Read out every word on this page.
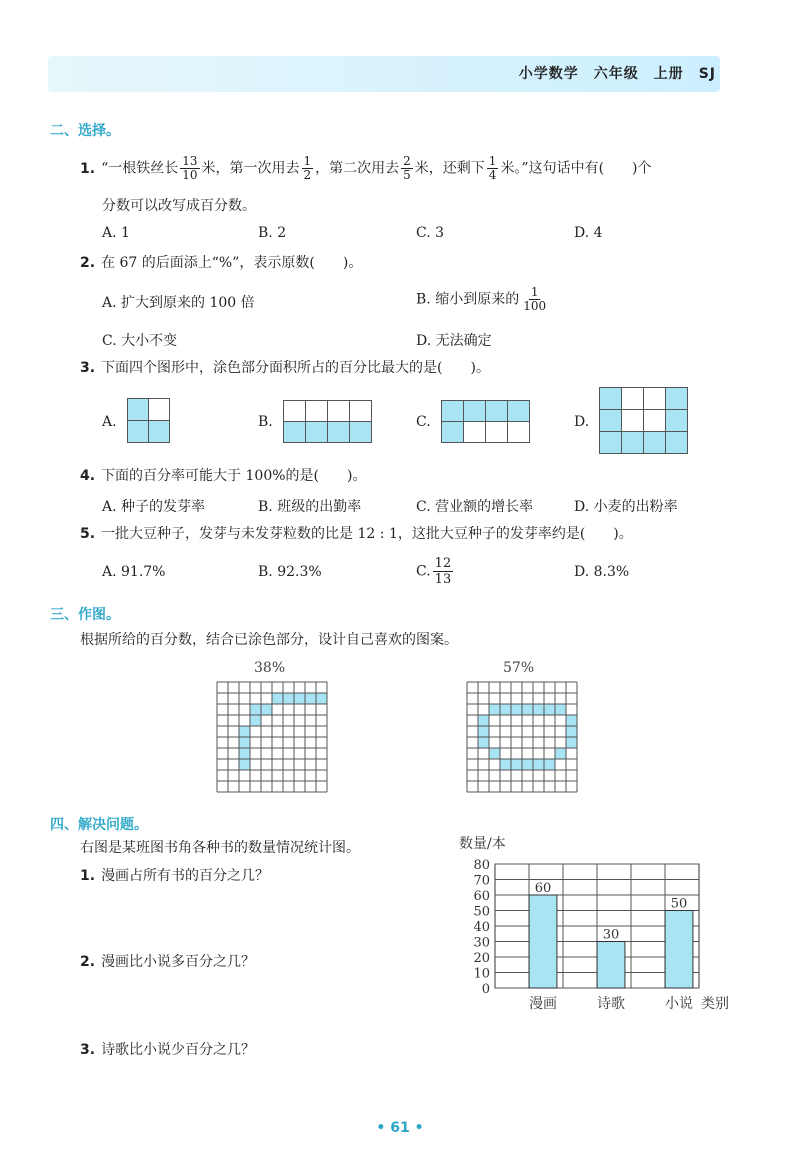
小学数学　六年级　上册　SJ
二、选择。
1. “一根铁丝长 $\frac{13}{10}$ 米，第一次用去 $\frac{1}{2}$ ，第二次用去 $\frac{2}{5}$ 米，还剩下 $\frac{1}{4}$ 米。”这句话中有(　　)个
分数可以改写成百分数。
A. 1	B. 2	C. 3	D. 4
2. 在 67 的后面添上“%”，表示原数(　　)。
A. 扩大到原来的 100 倍	B. 缩小到原来的 $\frac{1}{100}$
C. 大小不变	D. 无法确定
3. 下面四个图形中，涂色部分面积所占的百分比最大的是(　　)。
A.	B.	C.	D.
4. 下面的百分率可能大于 100%的是(　　)。
A. 种子的发芽率	B. 班级的出勤率	C. 营业额的增长率	D. 小麦的出粉率
5. 一批大豆种子，发芽与未发芽粒数的比是 12 : 1，这批大豆种子的发芽率约是(　　)。
A. 91.7%	B. 92.3%	C. $\frac{12}{13}$	D. 8.3%
三、作图。
根据所给的百分数，结合已涂色部分，设计自己喜欢的图案。
38%	57%
四、解决问题。
右图是某班图书角各种书的数量情况统计图。
1. 漫画占所有书的百分之几？
2. 漫画比小说多百分之几？
3. 诗歌比小说少百分之几？
0
10
20
30
40
50
60
70
80
数量/本
60
漫画
30
诗歌
50
小说 类别
• 61 •
